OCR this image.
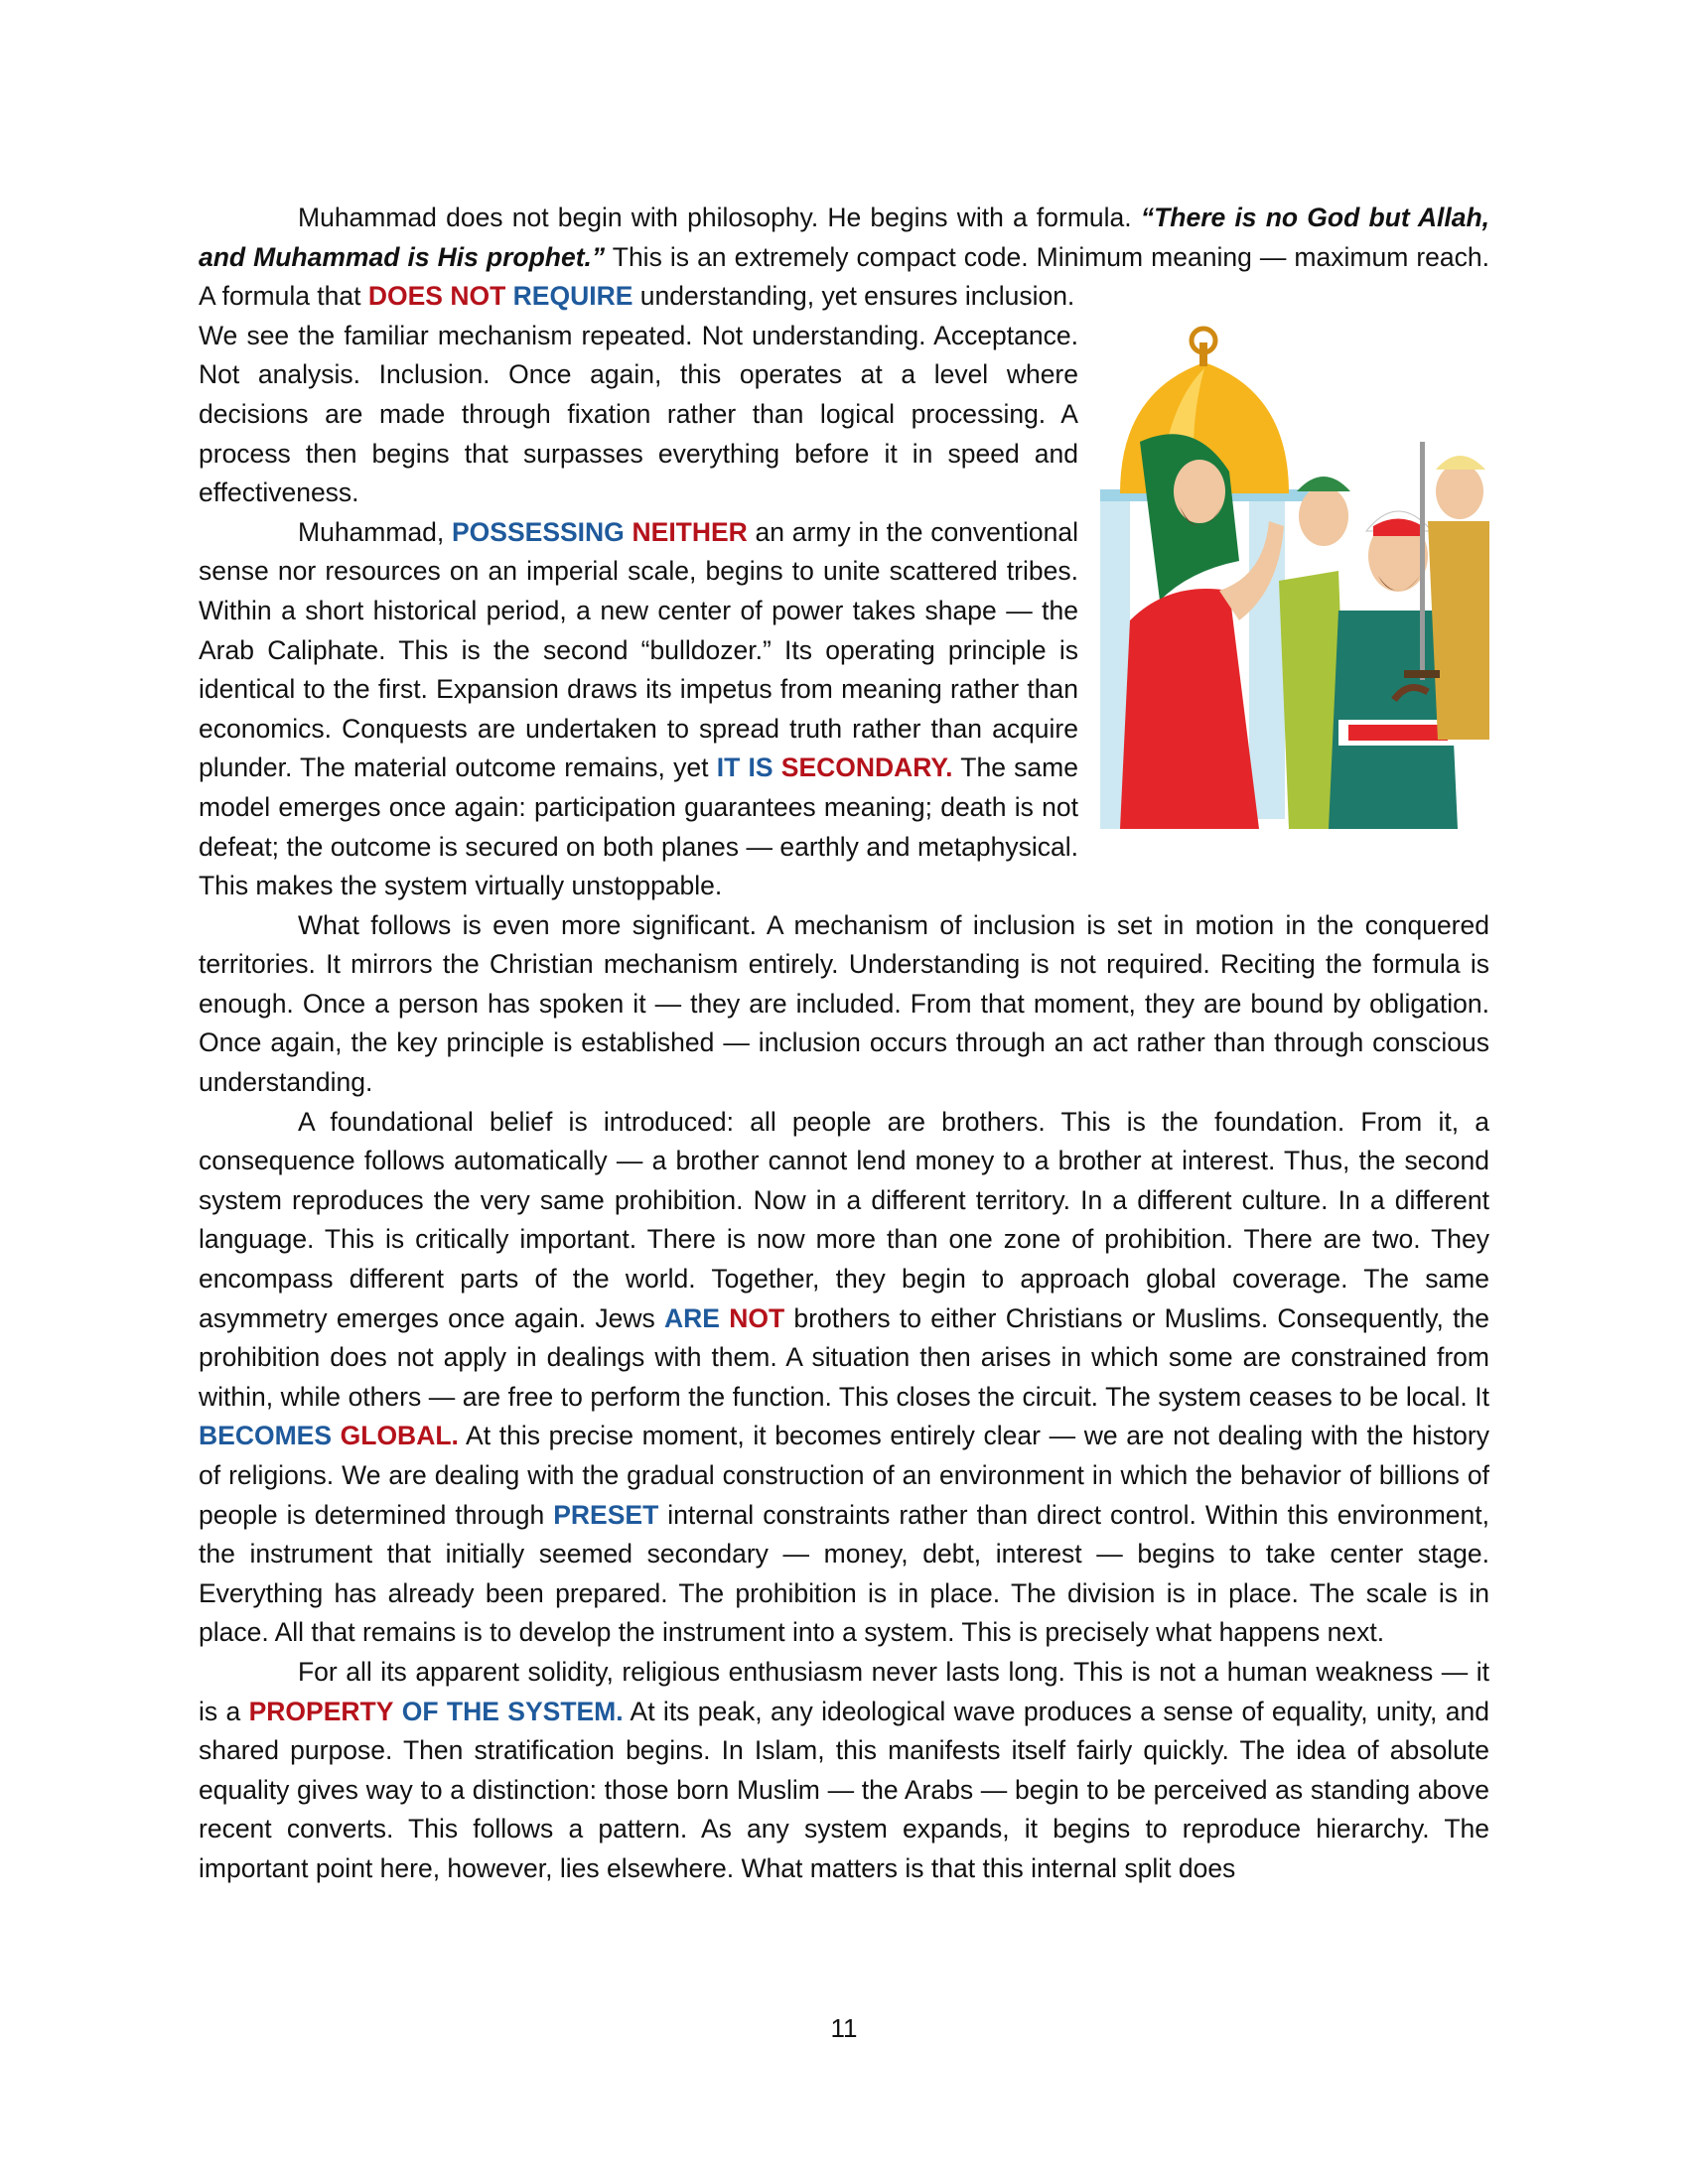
Muhammad does not begin with philosophy. He begins with a formula. “There is no God but Allah, and Muhammad is His prophet.” This is an extremely compact code. Minimum meaning — maximum reach. A formula that DOES NOT REQUIRE understanding, yet ensures inclusion.

We see the familiar mechanism repeated. Not understanding. Acceptance. Not analysis. Inclusion. Once again, this operates at a level where decisions are made through fixation rather than logical processing. A process then begins that surpasses everything before it in speed and effectiveness.

Muhammad, POSSESSING NEITHER an army in the conventional sense nor resources on an imperial scale, begins to unite scattered tribes. Within a short historical period, a new center of power takes shape — the Arab Caliphate. This is the second “bulldozer.” Its operating principle is identical to the first. Expansion draws its impetus from meaning rather than economics. Conquests are undertaken to spread truth rather than acquire plunder. The material outcome remains, yet IT IS SECONDARY. The same model emerges once again: participation guarantees meaning; death is not defeat; the outcome is secured on both planes — earthly and metaphysical. This makes the system virtually unstoppable.

What follows is even more significant. A mechanism of inclusion is set in motion in the conquered territories. It mirrors the Christian mechanism entirely. Understanding is not required. Reciting the formula is enough. Once a person has spoken it — they are included. From that moment, they are bound by obligation. Once again, the key principle is established — inclusion occurs through an act rather than through conscious understanding.

A foundational belief is introduced: all people are brothers. This is the foundation. From it, a consequence follows automatically — a brother cannot lend money to a brother at interest. Thus, the second system reproduces the very same prohibition. Now in a different territory. In a different culture. In a different language. This is critically important. There is now more than one zone of prohibition. There are two. They encompass different parts of the world. Together, they begin to approach global coverage. The same asymmetry emerges once again. Jews ARE NOT brothers to either Christians or Muslims. Consequently, the prohibition does not apply in dealings with them. A situation then arises in which some are constrained from within, while others — are free to perform the function. This closes the circuit. The system ceases to be local. It BECOMES GLOBAL. At this precise moment, it becomes entirely clear — we are not dealing with the history of religions. We are dealing with the gradual construction of an environment in which the behavior of billions of people is determined through PRESET internal constraints rather than direct control. Within this environment, the instrument that initially seemed secondary — money, debt, interest — begins to take center stage. Everything has already been prepared. The prohibition is in place. The division is in place. The scale is in place. All that remains is to develop the instrument into a system. This is precisely what happens next.

For all its apparent solidity, religious enthusiasm never lasts long. This is not a human weakness — it is a PROPERTY OF THE SYSTEM. At its peak, any ideological wave produces a sense of equality, unity, and shared purpose. Then stratification begins. In Islam, this manifests itself fairly quickly. The idea of absolute equality gives way to a distinction: those born Muslim — the Arabs — begin to be perceived as standing above recent converts. This follows a pattern. As any system expands, it begins to reproduce hierarchy. The important point here, however, lies elsewhere. What matters is that this internal split does

11
